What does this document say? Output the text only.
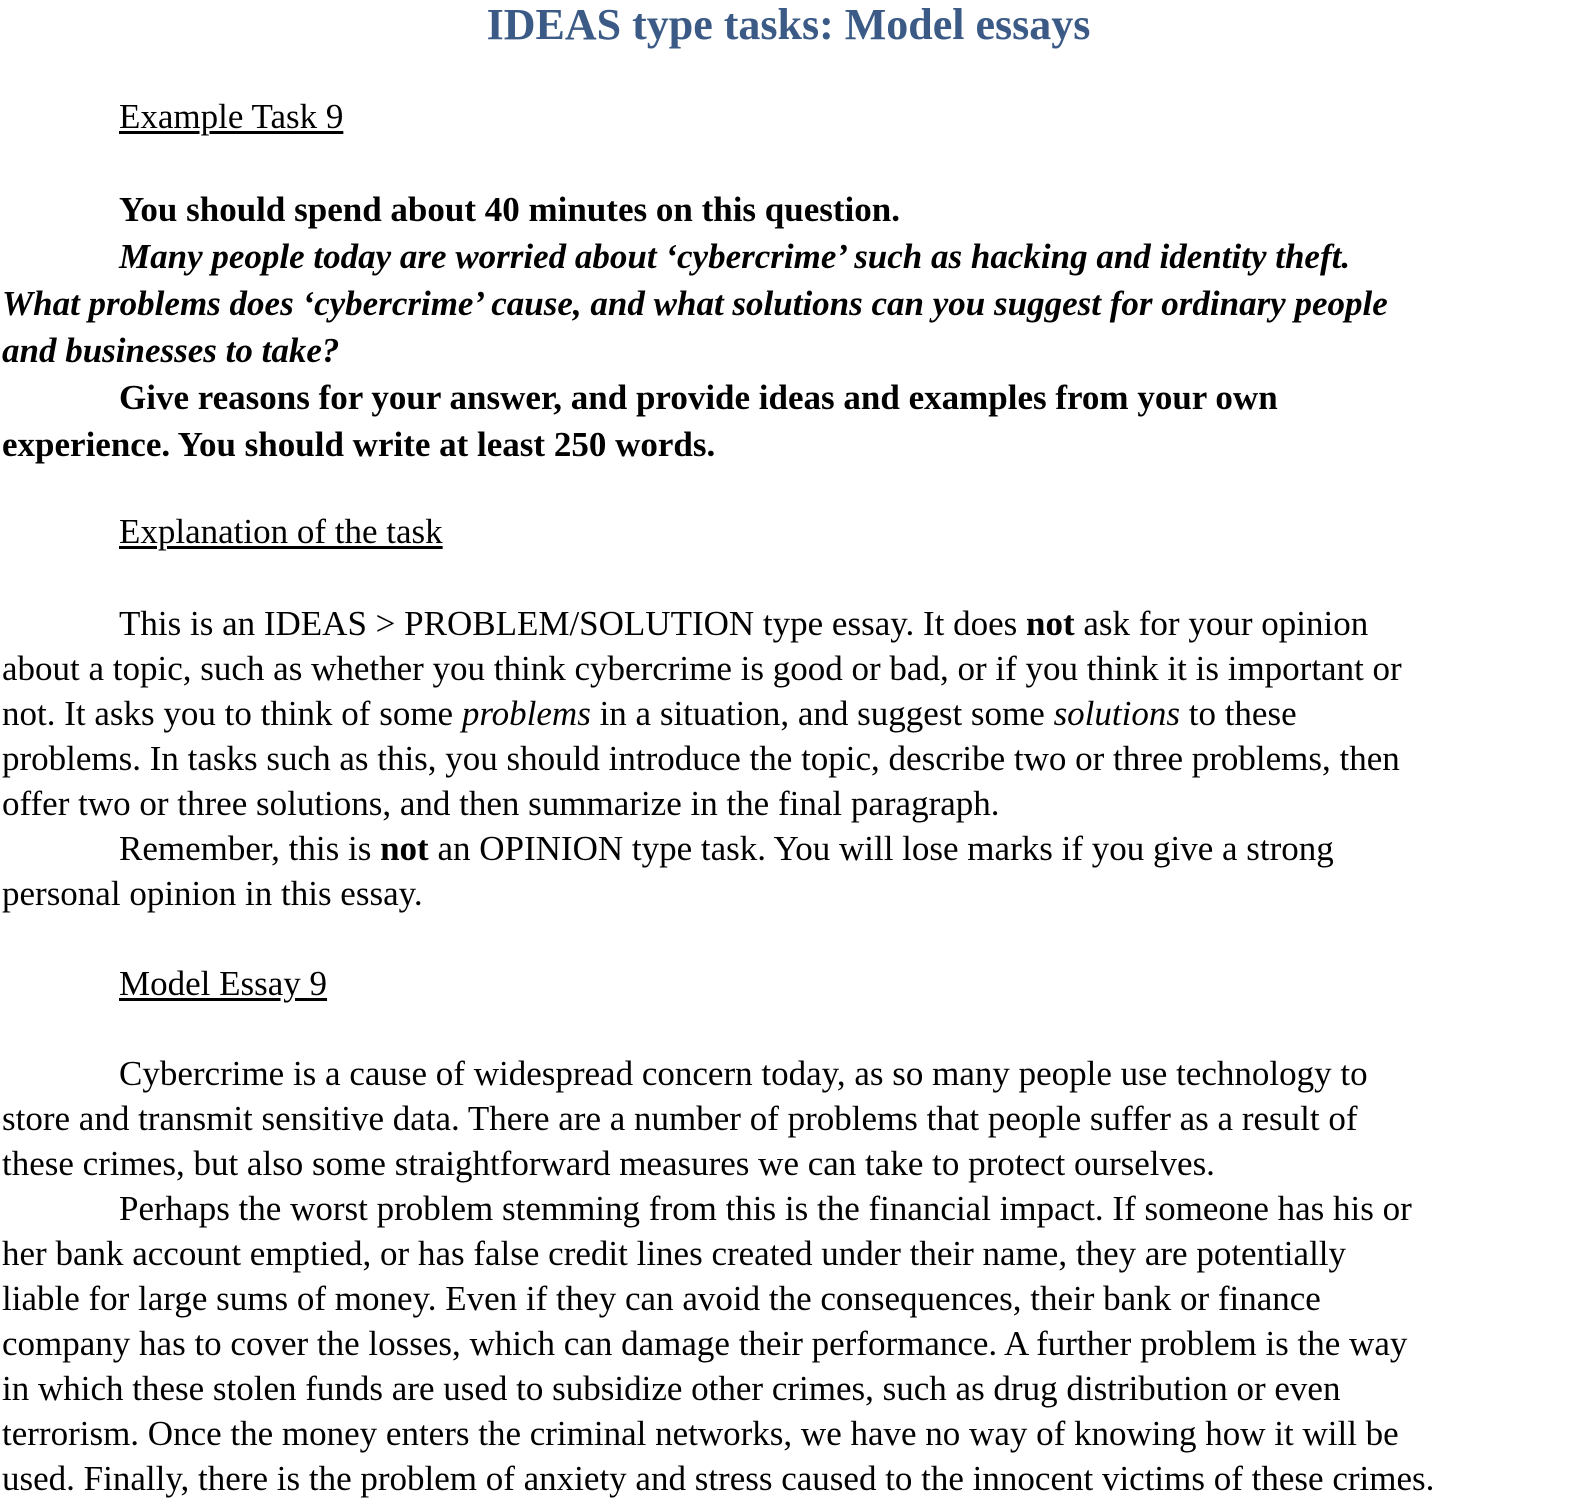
IDEAS type tasks: Model essays
Example Task 9
You should spend about 40 minutes on this question.
Many people today are worried about ‘cybercrime’ such as hacking and identity theft.
What problems does ‘cybercrime’ cause, and what solutions can you suggest for ordinary people
and businesses to take?
Give reasons for your answer, and provide ideas and examples from your own
experience. You should write at least 250 words.
Explanation of the task
This is an IDEAS > PROBLEM/SOLUTION type essay. It does not ask for your opinion
about a topic, such as whether you think cybercrime is good or bad, or if you think it is important or
not. It asks you to think of some problems in a situation, and suggest some solutions to these
problems. In tasks such as this, you should introduce the topic, describe two or three problems, then
offer two or three solutions, and then summarize in the final paragraph.
Remember, this is not an OPINION type task. You will lose marks if you give a strong
personal opinion in this essay.
Model Essay 9
Cybercrime is a cause of widespread concern today, as so many people use technology to
store and transmit sensitive data. There are a number of problems that people suffer as a result of
these crimes, but also some straightforward measures we can take to protect ourselves.
Perhaps the worst problem stemming from this is the financial impact. If someone has his or
her bank account emptied, or has false credit lines created under their name, they are potentially
liable for large sums of money. Even if they can avoid the consequences, their bank or finance
company has to cover the losses, which can damage their performance. A further problem is the way
in which these stolen funds are used to subsidize other crimes, such as drug distribution or even
terrorism. Once the money enters the criminal networks, we have no way of knowing how it will be
used. Finally, there is the problem of anxiety and stress caused to the innocent victims of these crimes.
